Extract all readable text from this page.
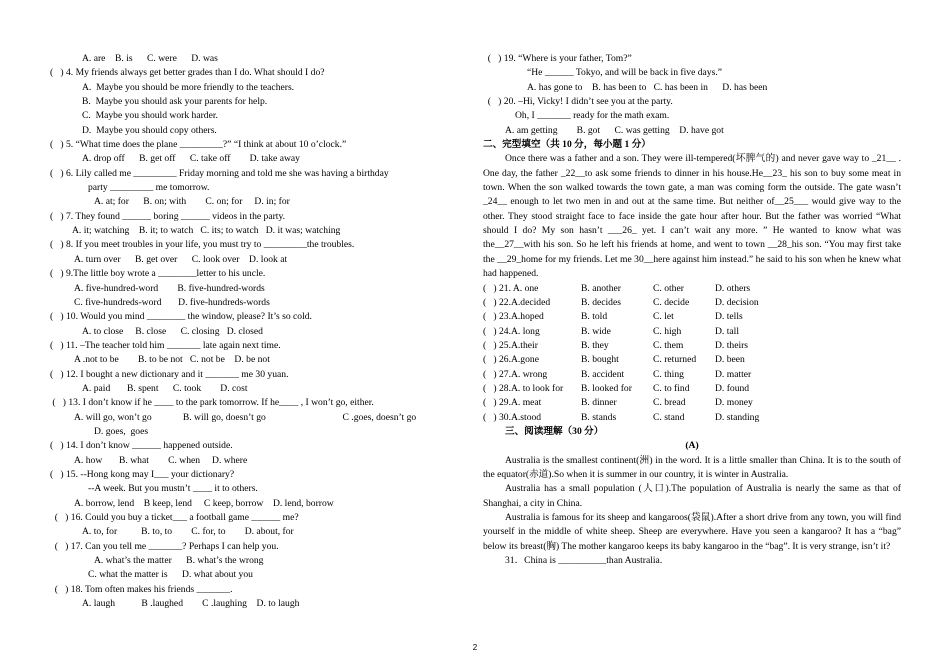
A. are    B. is      C. were      D. was
(   ) 4. My friends always get better grades than I do. What should I do?
A.  Maybe you should be more friendly to the teachers.
B.  Maybe you should ask your parents for help.
C.  Maybe you should work harder.
D.  Maybe you should copy others.
(   ) 5. “What time does the plane _________?” “I think at about 10 o’clock.”
A. drop off      B. get off      C. take off        D. take away
(   ) 6. Lily called me _________ Friday morning and told me she was having a birthday
party _________ me tomorrow.
A. at; for      B. on; with        C. on; for     D. in; for
(   ) 7. They found ______ boring ______ videos in the party.
A. it; watching    B. it; to watch   C. its; to watch   D. it was; watching
(   ) 8. If you meet troubles in your life, you must try to _________the troubles.
A. turn over      B. get over      C. look over    D. look at
(   ) 9.The little boy wrote a ________letter to his uncle.
A. five-hundred-word        B. five-hundred-words
C. five-hundreds-word       D. five-hundreds-words
(   ) 10. Would you mind ________ the window, please? It’s so cold.
A. to close     B. close      C. closing   D. closed
(   ) 11. –The teacher told him _______ late again next time.
A .not to be        B. to be not   C. not be    D. be not
(   ) 12. I bought a new dictionary and it _______ me 30 yuan.
A. paid       B. spent      C. took        D. cost
(   ) 13. I don’t know if he ____ to the park tomorrow. If he____ , I won’t go, either.
A. will go, won’t go             B. will go, doesn’t go                                C .goes, doesn’t go
D. goes,  goes
(   ) 14. I don’t know ______ happened outside.
A. how       B. what        C. when     D. where
(   ) 15. --Hong kong may I___ your dictionary?
--A week. But you mustn’t ____ it to others.
A. borrow, lend    B keep, lend     C keep, borrow    D. lend, borrow
(   ) 16. Could you buy a ticket___ a football game ______ me?
A. to, for          B. to, to        C. for, to        D. about, for
(   ) 17. Can you tell me _______? Perhaps I can help you.
A. what’s the matter      B. what’s the wrong
C. what the matter is      D. what about you
(   ) 18. Tom often makes his friends _______.
A. laugh           B .laughed        C .laughing    D. to laugh
(   ) 19. “Where is your father, Tom?”
“He ______ Tokyo, and will be back in five days.”
A. has gone to    B. has been to   C. has been in      D. has been
(   ) 20. –Hi, Vicky! I didn’t see you at the party.
Oh, I _______ ready for the math exam.
A. am getting        B. got      C. was getting    D. have got
二、完型填空（共 10 分，每小题 1 分）
Once there was a father and a son. They were ill-tempered(坏脾气的) and never gave way to _21__ . One day, the father _22__to ask some friends to dinner in his house.He__23_ his son to buy some meat in town. When the son walked towards the town gate, a man was coming form the outside. The gate wasn’t _24__ enough to let two men in and out at the same time. But neither of__25___ would give way to the other. They stood straight face to face inside the gate hour after hour. But the father was worried “What should I do? My son hasn’t ___26_ yet. I can’t wait any more. ” He wanted to know what was the__27__with his son. So he left his friends at home, and went to town __28_his son. “You may first take the __29_home for my friends. Let me 30__here against him instead.” he said to his son when he knew what had happened.
(   ) 21. A. one	B. another	C. other	D. others
(   ) 22.A.decided	B. decides	C. decide	D. decision
(   ) 23.A.hoped	B. told	C. let	D. tells
(   ) 24.A. long	B. wide	C. high	D. tall
(   ) 25.A.their	B. they	C. them	D. theirs
(   ) 26.A.gone	B. bought	C. returned	D. been
(   ) 27.A. wrong	B. accident	C. thing	D. matter
(   ) 28.A. to look for	B. looked for	C. to find	D. found
(   ) 29.A. meat	B. dinner	C. bread	D. money
(   ) 30.A.stood	B. stands	C. stand	D. standing
三、阅读理解（30 分）
(A)
Australia is the smallest continent(洲) in the word. It is a little smaller than China. It is to the south of the equator(赤道).So when it is summer in our country, it is winter in Australia.
Australia has a small population (人口).The population of Australia is nearly the same as that of Shanghai, a city in China.
Australia is famous for its sheep and kangaroos(袋鼠).After a short drive from any town, you will find yourself in the middle of white sheep. Sheep are everywhere. Have you seen a kangaroo? It has a “bag” below its breast(胸) The mother kangaroo keeps its baby kangaroo in the “bag”. It is very strange, isn’t it?
31．China is __________than Australia.
2
